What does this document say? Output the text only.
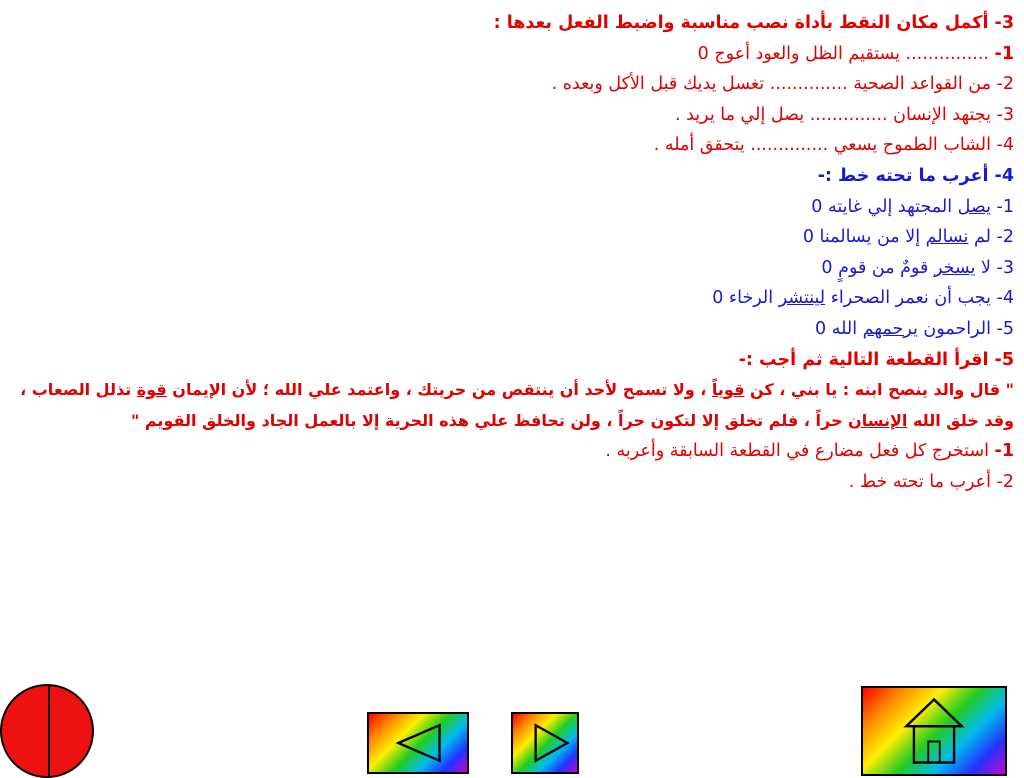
3- أكمل مكان النقط بأداة نصب مناسبة واضبط الفعل بعدها :
1- ............... يستقيم الظل والعود أعوج 0
2- من القواعد الصحية .............. تغسل يديك قبل الأكل وبعده .
3- يجتهد الإنسان .............. يصل إلي ما يريد .
4- الشاب الطموح يسعي .............. يتحقق أمله .
4- أعرب ما تحته خط :-
1- يصل المجتهد إلي غايته 0
2- لم نسالم إلا من يسالمنا 0
3- لا يسخر قومٌ من قومٍ 0
4- يجب أن نعمر الصحراء لينتشر الرخاء 0
5- الراحمون يرحمهم الله 0
5- اقرأ القطعة التالية ثم أجب :-
" قال والد ينصح ابنه : يا بني ، كن قوياً ، ولا تسمح لأحد أن ينتقص من حريتك ، واعتمد علي الله ؛ لأن الإيمان قوة تذلل الصعاب ، وقد خلق الله الإنسان حراً ، فلم تخلق إلا لتكون حراً ، ولن تحافظ علي هذه الحرية إلا بالعمل الجاد والخلق القويم "
1- استخرج كل فعل مضارع في القطعة السابقة وأعربه .
2- أعرب ما تحته خط .
